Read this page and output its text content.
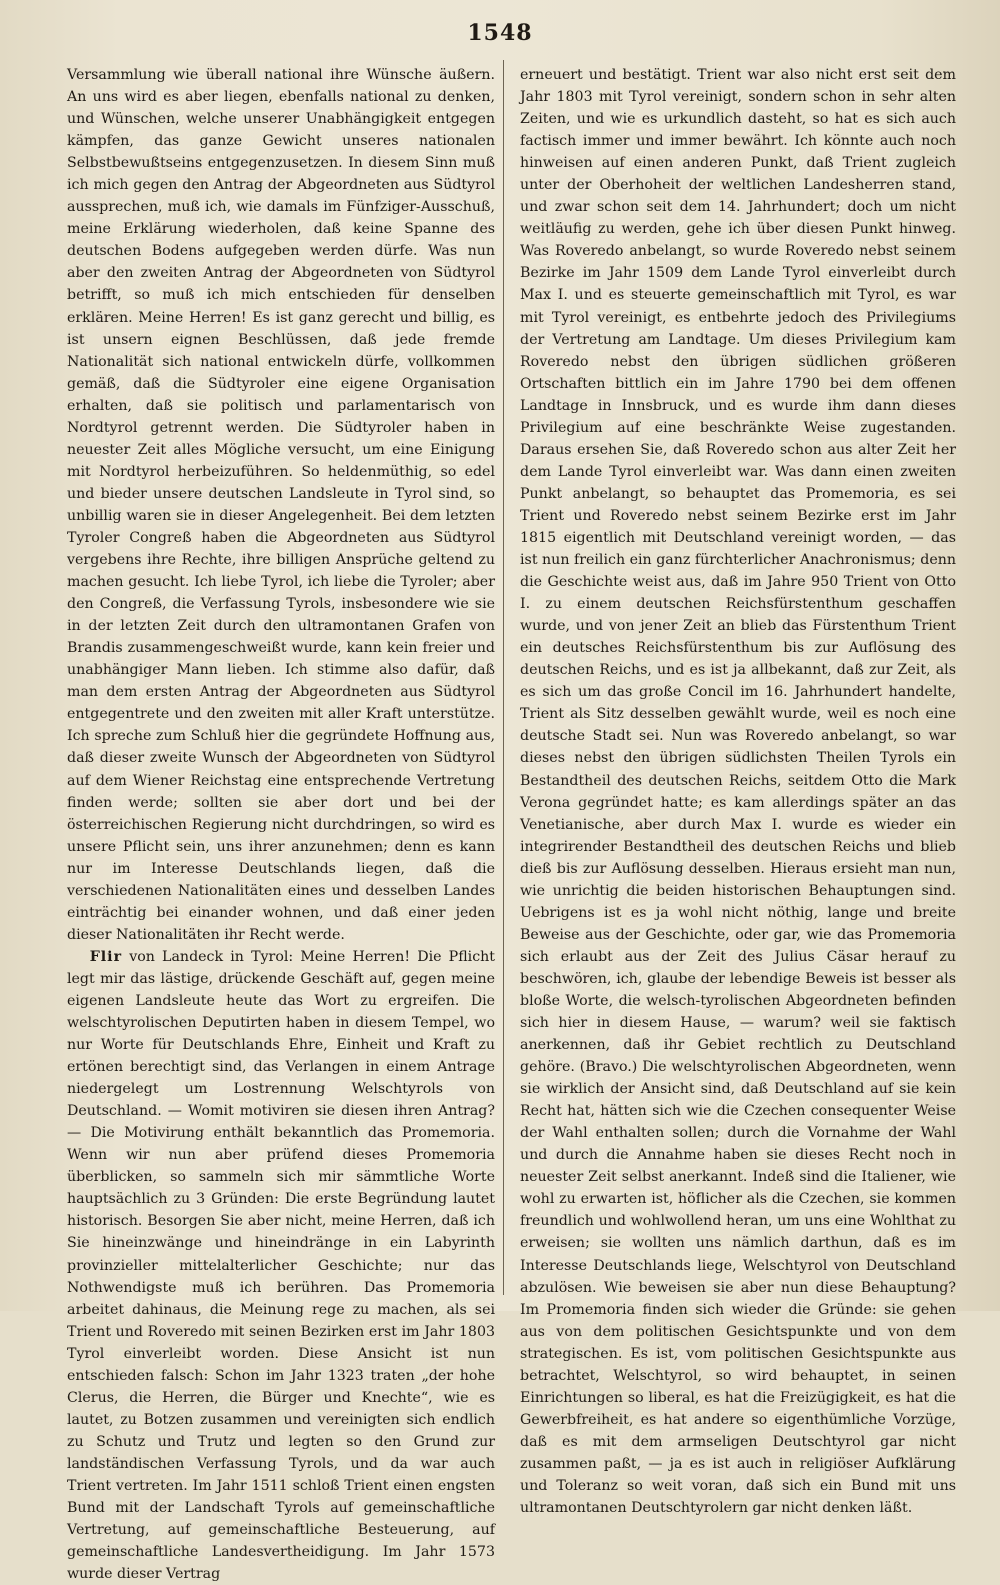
1548

Versammlung wie überall national ihre Wünsche äußern. An uns wird es aber liegen, ebenfalls national zu denken, und Wünschen, welche unserer Unabhängigkeit entgegen kämpfen, das ganze Gewicht unseres nationalen Selbstbewußtseins entgegenzusetzen. In diesem Sinn muß ich mich gegen den Antrag der Abgeordneten aus Südtyrol aussprechen, muß ich, wie damals im Fünfziger-Ausschuß, meine Erklärung wiederholen, daß keine Spanne des deutschen Bodens aufgegeben werden dürfe. Was nun aber den zweiten Antrag der Abgeordneten von Südtyrol betrifft, so muß ich mich entschieden für denselben erklären. Meine Herren! Es ist ganz gerecht und billig, es ist unsern eignen Beschlüssen, daß jede fremde Nationalität sich national entwickeln dürfe, vollkommen gemäß, daß die Südtyroler eine eigene Organisation erhalten, daß sie politisch und parlamentarisch von Nordtyrol getrennt werden. Die Südtyroler haben in neuester Zeit alles Mögliche versucht, um eine Einigung mit Nordtyrol herbeizuführen. So heldenmüthig, so edel und bieder unsere deutschen Landsleute in Tyrol sind, so unbillig waren sie in dieser Angelegenheit. Bei dem letzten Tyroler Congreß haben die Abgeordneten aus Südtyrol vergebens ihre Rechte, ihre billigen Ansprüche geltend zu machen gesucht. Ich liebe Tyrol, ich liebe die Tyroler; aber den Congreß, die Verfassung Tyrols, insbesondere wie sie in der letzten Zeit durch den ultramontanen Grafen von Brandis zusammengeschweißt wurde, kann kein freier und unabhängiger Mann lieben. Ich stimme also dafür, daß man dem ersten Antrag der Abgeordneten aus Südtyrol entgegentrete und den zweiten mit aller Kraft unterstütze. Ich spreche zum Schluß hier die gegründete Hoffnung aus, daß dieser zweite Wunsch der Abgeordneten von Südtyrol auf dem Wiener Reichstag eine entsprechende Vertretung finden werde; sollten sie aber dort und bei der österreichischen Regierung nicht durchdringen, so wird es unsere Pflicht sein, uns ihrer anzunehmen; denn es kann nur im Interesse Deutschlands liegen, daß die verschiedenen Nationalitäten eines und desselben Landes einträchtig bei einander wohnen, und daß einer jeden dieser Nationalitäten ihr Recht werde.

Flir von Landeck in Tyrol: Meine Herren! Die Pflicht legt mir das lästige, drückende Geschäft auf, gegen meine eigenen Landsleute heute das Wort zu ergreifen. Die welschtyrolischen Deputirten haben in diesem Tempel, wo nur Worte für Deutschlands Ehre, Einheit und Kraft zu ertönen berechtigt sind, das Verlangen in einem Antrage niedergelegt um Lostrennung Welschtyrols von Deutschland. — Womit motiviren sie diesen ihren Antrag? — Die Motivirung enthält bekanntlich das Promemoria. Wenn wir nun aber prüfend dieses Promemoria überblicken, so sammeln sich mir sämmtliche Worte hauptsächlich zu 3 Gründen: Die erste Begründung lautet historisch. Besorgen Sie aber nicht, meine Herren, daß ich Sie hineinzwänge und hineindränge in ein Labyrinth provinzieller mittelalterlicher Geschichte; nur das Nothwendigste muß ich berühren. Das Promemoria arbeitet dahinaus, die Meinung rege zu machen, als sei Trient und Roveredo mit seinen Bezirken erst im Jahr 1803 Tyrol einverleibt worden. Diese Ansicht ist nun entschieden falsch: Schon im Jahr 1323 traten „der hohe Clerus, die Herren, die Bürger und Knechte“, wie es lautet, zu Botzen zusammen und vereinigten sich endlich zu Schutz und Trutz und legten so den Grund zur landständischen Verfassung Tyrols, und da war auch Trient vertreten. Im Jahr 1511 schloß Trient einen engsten Bund mit der Landschaft Tyrols auf gemeinschaftliche Vertretung, auf gemeinschaftliche Besteuerung, auf gemeinschaftliche Landesvertheidigung. Im Jahr 1573 wurde dieser Vertrag

erneuert und bestätigt. Trient war also nicht erst seit dem Jahr 1803 mit Tyrol vereinigt, sondern schon in sehr alten Zeiten, und wie es urkundlich dasteht, so hat es sich auch factisch immer und immer bewährt. Ich könnte auch noch hinweisen auf einen anderen Punkt, daß Trient zugleich unter der Oberhoheit der weltlichen Landesherren stand, und zwar schon seit dem 14. Jahrhundert; doch um nicht weitläufig zu werden, gehe ich über diesen Punkt hinweg. Was Roveredo anbelangt, so wurde Roveredo nebst seinem Bezirke im Jahr 1509 dem Lande Tyrol einverleibt durch Max I. und es steuerte gemeinschaftlich mit Tyrol, es war mit Tyrol vereinigt, es entbehrte jedoch des Privilegiums der Vertretung am Landtage. Um dieses Privilegium kam Roveredo nebst den übrigen südlichen größeren Ortschaften bittlich ein im Jahre 1790 bei dem offenen Landtage in Innsbruck, und es wurde ihm dann dieses Privilegium auf eine beschränkte Weise zugestanden. Daraus ersehen Sie, daß Roveredo schon aus alter Zeit her dem Lande Tyrol einverleibt war. Was dann einen zweiten Punkt anbelangt, so behauptet das Promemoria, es sei Trient und Roveredo nebst seinem Bezirke erst im Jahr 1815 eigentlich mit Deutschland vereinigt worden, — das ist nun freilich ein ganz fürchterlicher Anachronismus; denn die Geschichte weist aus, daß im Jahre 950 Trient von Otto I. zu einem deutschen Reichsfürstenthum geschaffen wurde, und von jener Zeit an blieb das Fürstenthum Trient ein deutsches Reichsfürstenthum bis zur Auflösung des deutschen Reichs, und es ist ja allbekannt, daß zur Zeit, als es sich um das große Concil im 16. Jahrhundert handelte, Trient als Sitz desselben gewählt wurde, weil es noch eine deutsche Stadt sei. Nun was Roveredo anbelangt, so war dieses nebst den übrigen südlichsten Theilen Tyrols ein Bestandtheil des deutschen Reichs, seitdem Otto die Mark Verona gegründet hatte; es kam allerdings später an das Venetianische, aber durch Max I. wurde es wieder ein integrirender Bestandtheil des deutschen Reichs und blieb dieß bis zur Auflösung desselben. Hieraus ersieht man nun, wie unrichtig die beiden historischen Behauptungen sind. Uebrigens ist es ja wohl nicht nöthig, lange und breite Beweise aus der Geschichte, oder gar, wie das Promemoria sich erlaubt aus der Zeit des Julius Cäsar herauf zu beschwören, ich, glaube der lebendige Beweis ist besser als bloße Worte, die welsch-tyrolischen Abgeordneten befinden sich hier in diesem Hause, — warum? weil sie faktisch anerkennen, daß ihr Gebiet rechtlich zu Deutschland gehöre. (Bravo.) Die welschtyrolischen Abgeordneten, wenn sie wirklich der Ansicht sind, daß Deutschland auf sie kein Recht hat, hätten sich wie die Czechen consequenter Weise der Wahl enthalten sollen; durch die Vornahme der Wahl und durch die Annahme haben sie dieses Recht noch in neuester Zeit selbst anerkannt. Indeß sind die Italiener, wie wohl zu erwarten ist, höflicher als die Czechen, sie kommen freundlich und wohlwollend heran, um uns eine Wohlthat zu erweisen; sie wollten uns nämlich darthun, daß es im Interesse Deutschlands liege, Welschtyrol von Deutschland abzulösen. Wie beweisen sie aber nun diese Behauptung? Im Promemoria finden sich wieder die Gründe: sie gehen aus von dem politischen Gesichtspunkte und von dem strategischen. Es ist, vom politischen Gesichtspunkte aus betrachtet, Welschtyrol, so wird behauptet, in seinen Einrichtungen so liberal, es hat die Freizügigkeit, es hat die Gewerbfreiheit, es hat andere so eigenthümliche Vorzüge, daß es mit dem armseligen Deutschtyrol gar nicht zusammen paßt, — ja es ist auch in religiöser Aufklärung und Toleranz so weit voran, daß sich ein Bund mit uns ultramontanen Deutschtyrolern gar nicht denken läßt.
